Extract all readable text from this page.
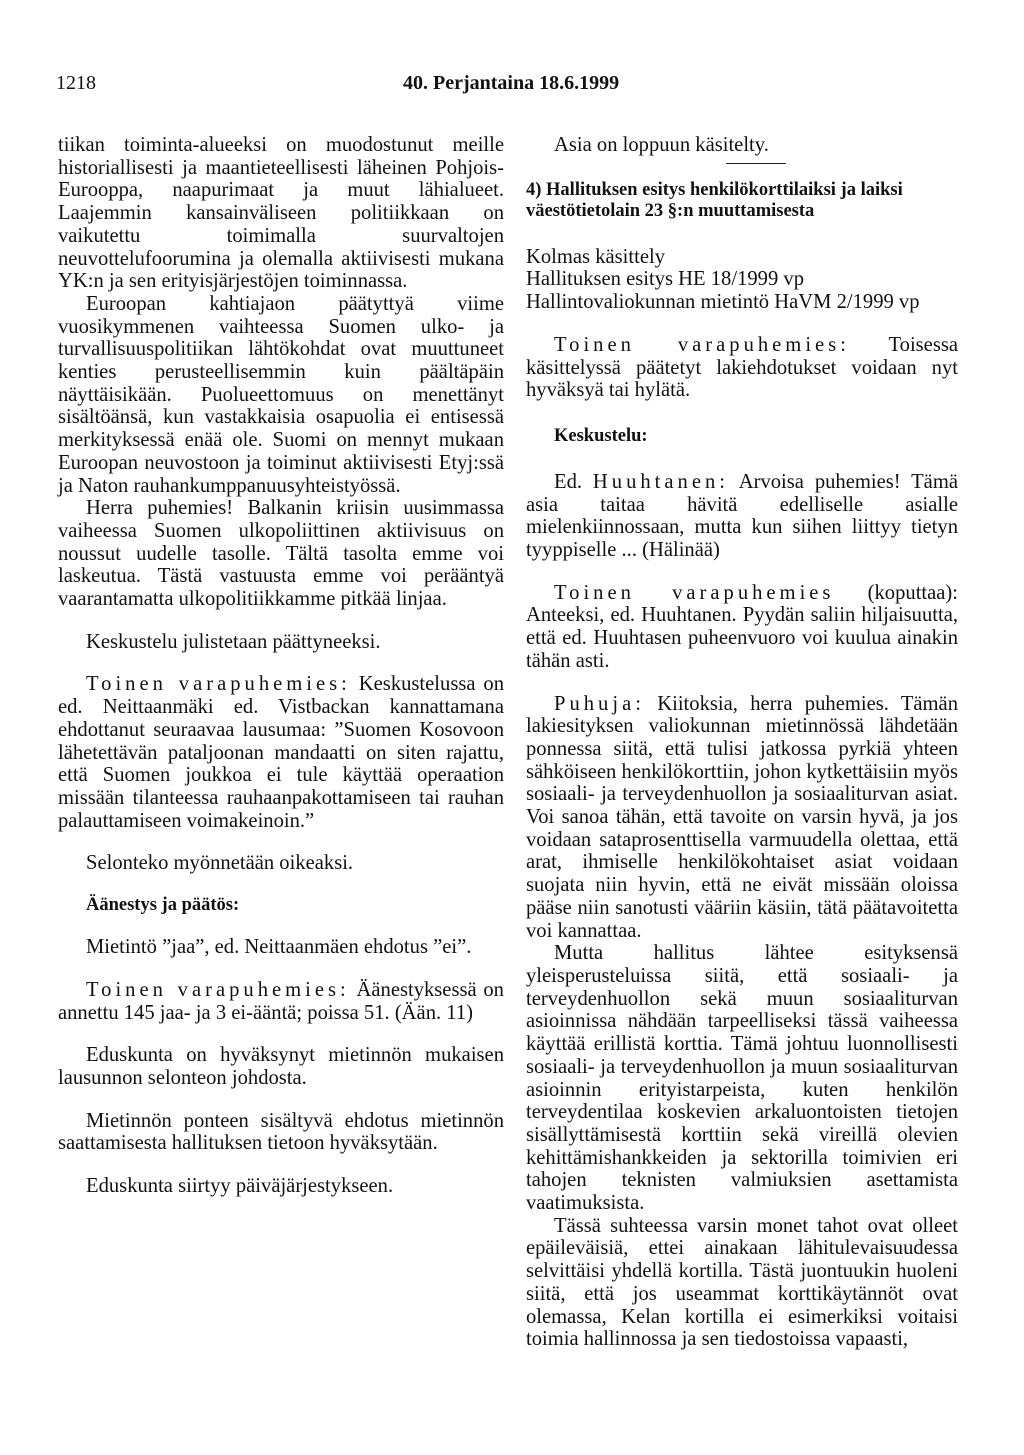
1218	40. Perjantaina 18.6.1999

tiikan toiminta-alueeksi on muodostunut meille historiallisesti ja maantieteellisesti läheinen Pohjois-Eurooppa, naapurimaat ja muut lähialueet. Laajemmin kansainväliseen politiikkaan on vaikutettu toimimalla suurvaltojen neuvottelufoorumina ja olemalla aktiivisesti mukana YK:n ja sen erityisjärjestöjen toiminnassa.

Euroopan kahtiajaon päätyttyä viime vuosikymmenen vaihteessa Suomen ulko- ja turvallisuuspolitiikan lähtökohdat ovat muuttuneet kenties perusteellisemmin kuin päältäpäin näyttäisikään. Puolueettomuus on menettänyt sisältöänsä, kun vastakkaisia osapuolia ei entisessä merkityksessä enää ole. Suomi on mennyt mukaan Euroopan neuvostoon ja toiminut aktiivisesti Etyj:ssä ja Naton rauhankumppanuusyhteistyössä.

Herra puhemies! Balkanin kriisin uusimmassa vaiheessa Suomen ulkopoliittinen aktiivisuus on noussut uudelle tasolle. Tältä tasolta emme voi laskeutua. Tästä vastuusta emme voi perääntyä vaarantamatta ulkopolitiikkamme pitkää linjaa.

Keskustelu julistetaan päättyneeksi.

Toinen varapuhemies: Keskustelussa on ed. Neittaanmäki ed. Vistbackan kannattamana ehdottanut seuraavaa lausumaa: ”Suomen Kosovoon lähetettävän pataljoonan mandaatti on siten rajattu, että Suomen joukkoa ei tule käyttää operaation missään tilanteessa rauhaanpakottamiseen tai rauhan palauttamiseen voimakeinoin.”

Selonteko myönnetään oikeaksi.

Äänestys ja päätös:

Mietintö ”jaa”, ed. Neittaanmäen ehdotus ”ei”.

Toinen varapuhemies: Äänestyksessä on annettu 145 jaa- ja 3 ei-ääntä; poissa 51. (Ään. 11)

Eduskunta on hyväksynyt mietinnön mukaisen lausunnon selonteon johdosta.

Mietinnön ponteen sisältyvä ehdotus mietinnön saattamisesta hallituksen tietoon hyväksytään.

Eduskunta siirtyy päiväjärjestykseen.

Asia on loppuun käsitelty.

4) Hallituksen esitys henkilökorttilaiksi ja laiksi väestötietolain 23 §:n muuttamisesta

Kolmas käsittely

Hallituksen esitys HE 18/1999 vp

Hallintovaliokunnan mietintö HaVM 2/1999 vp

Toinen varapuhemies: Toisessa käsittelyssä päätetyt lakiehdotukset voidaan nyt hyväksyä tai hylätä.

Keskustelu:

Ed. Huuhtanen: Arvoisa puhemies! Tämä asia taitaa hävitä edelliselle asialle mielenkiinnossaan, mutta kun siihen liittyy tietyn tyyppiselle ... (Hälinää)

Toinen varapuhemies (koputtaa): Anteeksi, ed. Huuhtanen. Pyydän saliin hiljaisuutta, että ed. Huuhtasen puheenvuoro voi kuulua ainakin tähän asti.

Puhuja: Kiitoksia, herra puhemies. Tämän lakiesityksen valiokunnan mietinnössä lähdetään ponnessa siitä, että tulisi jatkossa pyrkiä yhteen sähköiseen henkilökorttiin, johon kytkettäisiin myös sosiaali- ja terveydenhuollon ja sosiaaliturvan asiat. Voi sanoa tähän, että tavoite on varsin hyvä, ja jos voidaan sataprosenttisella varmuudella olettaa, että arat, ihmiselle henkilökohtaiset asiat voidaan suojata niin hyvin, että ne eivät missään oloissa pääse niin sanotusti vääriin käsiin, tätä päätavoitetta voi kannattaa.

Mutta hallitus lähtee esityksensä yleisperusteluissa siitä, että sosiaali- ja terveydenhuollon sekä muun sosiaaliturvan asioinnissa nähdään tarpeelliseksi tässä vaiheessa käyttää erillistä korttia. Tämä johtuu luonnollisesti sosiaali- ja terveydenhuollon ja muun sosiaaliturvan asioinnin erityistarpeista, kuten henkilön terveydentilaa koskevien arkaluontoisten tietojen sisällyttämisestä korttiin sekä vireillä olevien kehittämishankkeiden ja sektorilla toimivien eri tahojen teknisten valmiuksien asettamista vaatimuksista.

Tässä suhteessa varsin monet tahot ovat olleet epäileväisiä, ettei ainakaan lähitulevaisuudessa selvittäisi yhdellä kortilla. Tästä juontuukin huoleni siitä, että jos useammat korttikäytännöt ovat olemassa, Kelan kortilla ei esimerkiksi voitaisi toimia hallinnossa ja sen tiedostoissa vapaasti,
